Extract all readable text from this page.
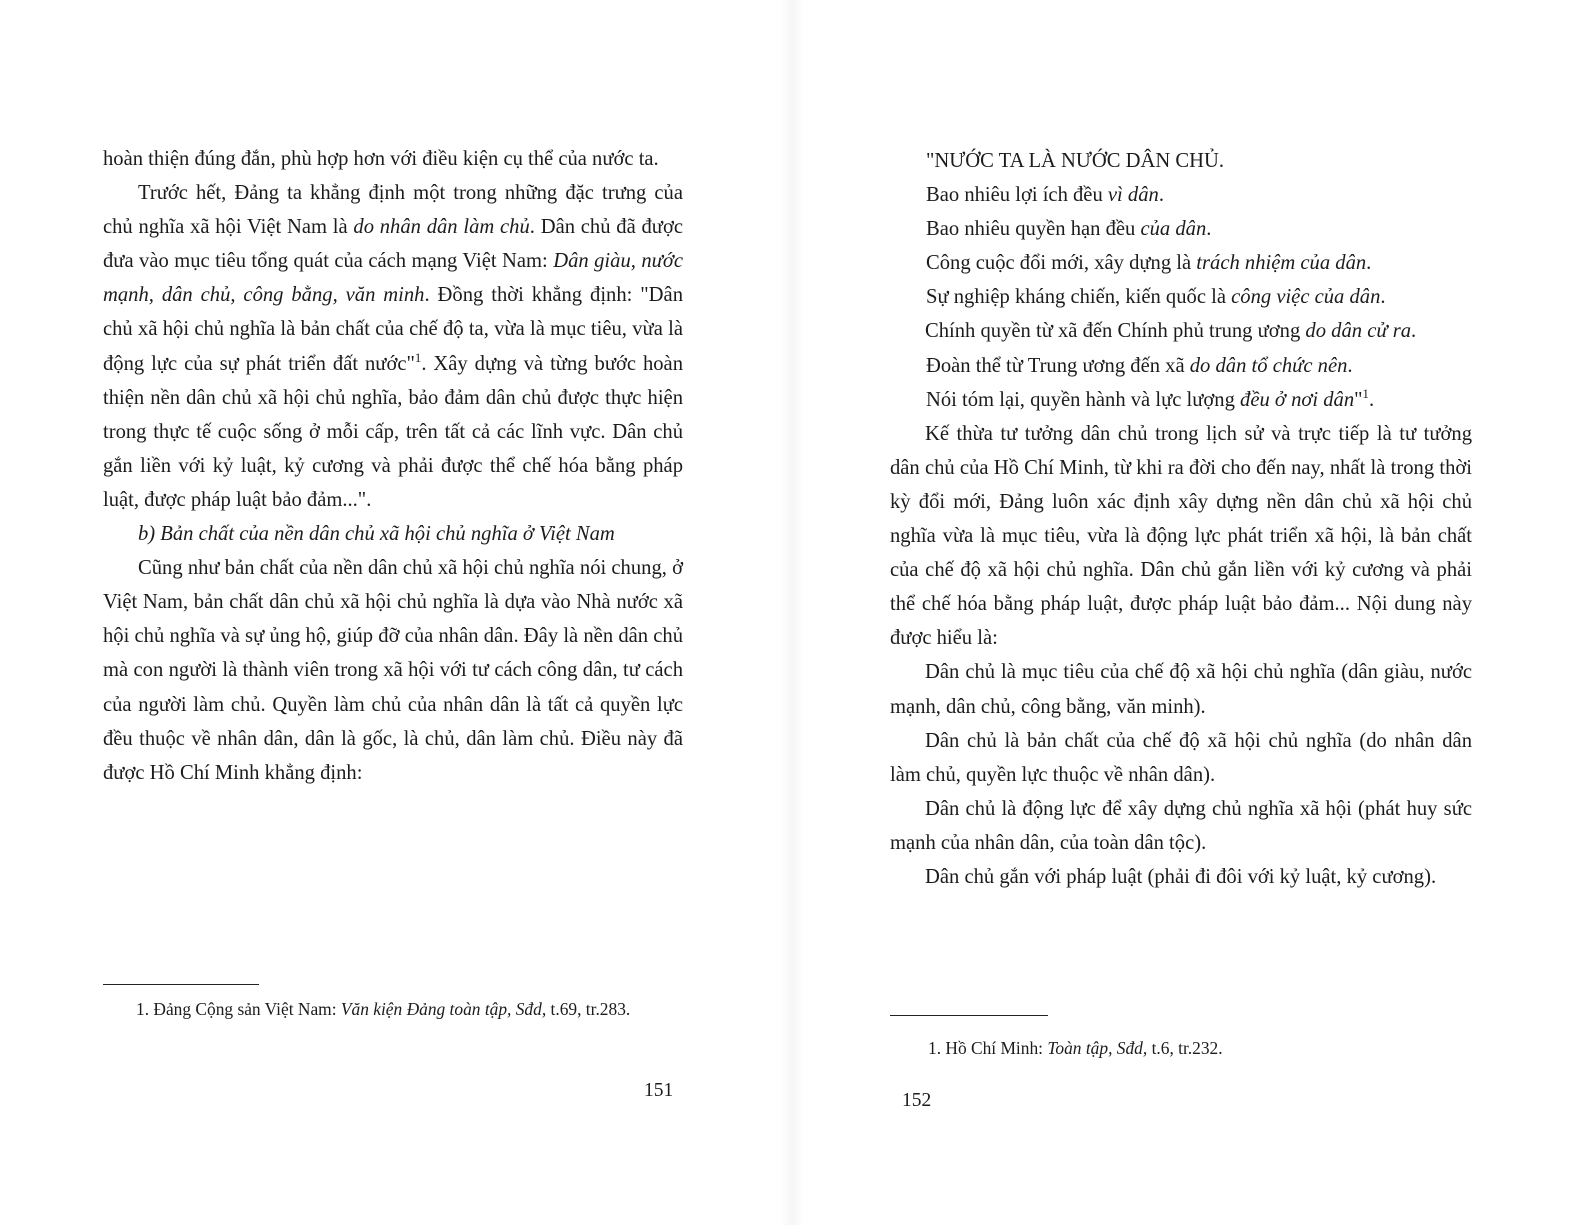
hoàn thiện đúng đắn, phù hợp hơn với điều kiện cụ thể của nước ta.

Trước hết, Đảng ta khẳng định một trong những đặc trưng của chủ nghĩa xã hội Việt Nam là do nhân dân làm chủ. Dân chủ đã được đưa vào mục tiêu tổng quát của cách mạng Việt Nam: Dân giàu, nước mạnh, dân chủ, công bằng, văn minh. Đồng thời khẳng định: "Dân chủ xã hội chủ nghĩa là bản chất của chế độ ta, vừa là mục tiêu, vừa là động lực của sự phát triển đất nước"$^1$. Xây dựng và từng bước hoàn thiện nền dân chủ xã hội chủ nghĩa, bảo đảm dân chủ được thực hiện trong thực tế cuộc sống ở mỗi cấp, trên tất cả các lĩnh vực. Dân chủ gắn liền với kỷ luật, kỷ cương và phải được thể chế hóa bằng pháp luật, được pháp luật bảo đảm...".

b) Bản chất của nền dân chủ xã hội chủ nghĩa ở Việt Nam

Cũng như bản chất của nền dân chủ xã hội chủ nghĩa nói chung, ở Việt Nam, bản chất dân chủ xã hội chủ nghĩa là dựa vào Nhà nước xã hội chủ nghĩa và sự ủng hộ, giúp đỡ của nhân dân. Đây là nền dân chủ mà con người là thành viên trong xã hội với tư cách công dân, tư cách của người làm chủ. Quyền làm chủ của nhân dân là tất cả quyền lực đều thuộc về nhân dân, dân là gốc, là chủ, dân làm chủ. Điều này đã được Hồ Chí Minh khẳng định:

1. Đảng Cộng sản Việt Nam: Văn kiện Đảng toàn tập, Sđd, t.69, tr.283.
151

"NƯỚC TA LÀ NƯỚC DÂN CHỦ.

Bao nhiêu lợi ích đều vì dân.

Bao nhiêu quyền hạn đều của dân.

Công cuộc đổi mới, xây dựng là trách nhiệm của dân.

Sự nghiệp kháng chiến, kiến quốc là công việc của dân.

Chính quyền từ xã đến Chính phủ trung ương do dân cử ra.

Đoàn thể từ Trung ương đến xã do dân tổ chức nên.

Nói tóm lại, quyền hành và lực lượng đều ở nơi dân"$^1$.

Kế thừa tư tưởng dân chủ trong lịch sử và trực tiếp là tư tưởng dân chủ của Hồ Chí Minh, từ khi ra đời cho đến nay, nhất là trong thời kỳ đổi mới, Đảng luôn xác định xây dựng nền dân chủ xã hội chủ nghĩa vừa là mục tiêu, vừa là động lực phát triển xã hội, là bản chất của chế độ xã hội chủ nghĩa. Dân chủ gắn liền với kỷ cương và phải thể chế hóa bằng pháp luật, được pháp luật bảo đảm... Nội dung này được hiểu là:

Dân chủ là mục tiêu của chế độ xã hội chủ nghĩa (dân giàu, nước mạnh, dân chủ, công bằng, văn minh).

Dân chủ là bản chất của chế độ xã hội chủ nghĩa (do nhân dân làm chủ, quyền lực thuộc về nhân dân).

Dân chủ là động lực để xây dựng chủ nghĩa xã hội (phát huy sức mạnh của nhân dân, của toàn dân tộc).

Dân chủ gắn với pháp luật (phải đi đôi với kỷ luật, kỷ cương).

1. Hồ Chí Minh: Toàn tập, Sđd, t.6, tr.232.
152
